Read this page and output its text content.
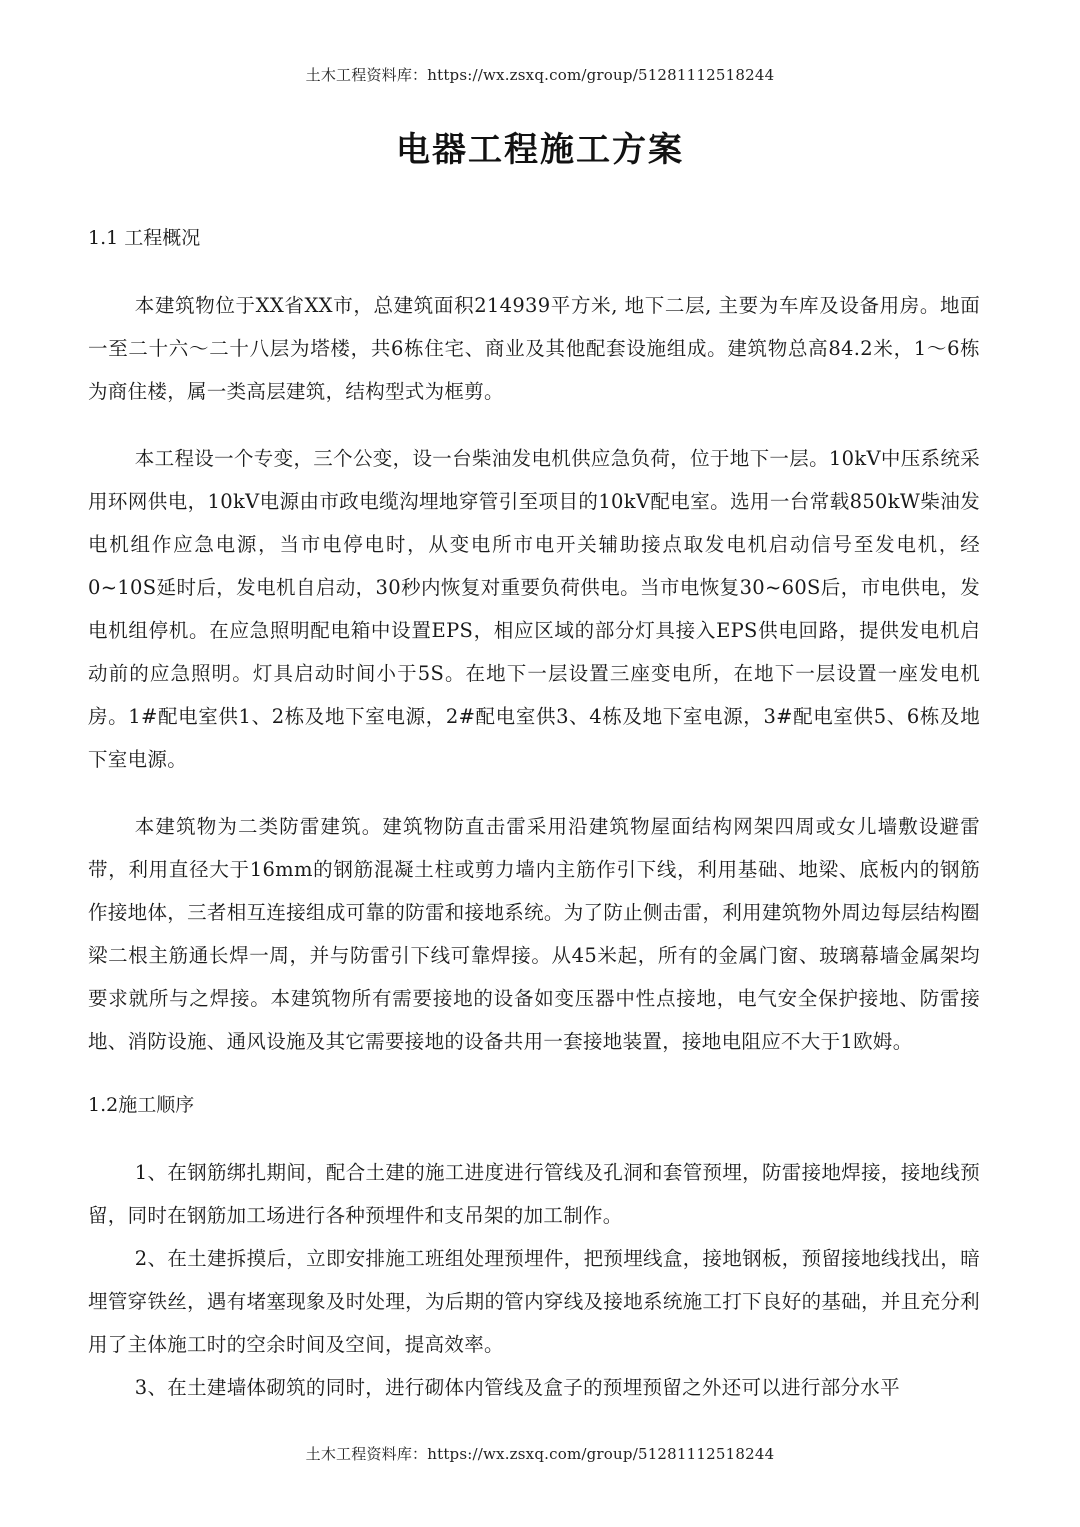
土木工程资料库：https://wx.zsxq.com/group/51281112518244
电器工程施工方案
1.1 工程概况

本建筑物位于XX省XX市，总建筑面积214939平方米, 地下二层, 主要为车库及设备用房。地面一至二十六～二十八层为塔楼，共6栋住宅、商业及其他配套设施组成。建筑物总高84.2米，1～6栋为商住楼，属一类高层建筑，结构型式为框剪。

本工程设一个专变，三个公变，设一台柴油发电机供应急负荷，位于地下一层。10kV中压系统采用环网供电，10kV电源由市政电缆沟埋地穿管引至项目的10kV配电室。选用一台常载850kW柴油发电机组作应急电源，当市电停电时，从变电所市电开关辅助接点取发电机启动信号至发电机，经0~10S延时后，发电机自启动，30秒内恢复对重要负荷供电。当市电恢复30~60S后，市电供电，发电机组停机。在应急照明配电箱中设置EPS，相应区域的部分灯具接入EPS供电回路，提供发电机启动前的应急照明。灯具启动时间小于5S。在地下一层设置三座变电所，在地下一层设置一座发电机房。1#配电室供1、2栋及地下室电源，2#配电室供3、4栋及地下室电源，3#配电室供5、6栋及地下室电源。

本建筑物为二类防雷建筑。建筑物防直击雷采用沿建筑物屋面结构网架四周或女儿墙敷设避雷带，利用直径大于16mm的钢筋混凝土柱或剪力墙内主筋作引下线，利用基础、地梁、底板内的钢筋作接地体，三者相互连接组成可靠的防雷和接地系统。为了防止侧击雷，利用建筑物外周边每层结构圈梁二根主筋通长焊一周，并与防雷引下线可靠焊接。从45米起，所有的金属门窗、玻璃幕墙金属架均要求就所与之焊接。本建筑物所有需要接地的设备如变压器中性点接地，电气安全保护接地、防雷接地、消防设施、通风设施及其它需要接地的设备共用一套接地装置，接地电阻应不大于1欧姆。

1.2施工顺序

1、在钢筋绑扎期间，配合土建的施工进度进行管线及孔洞和套管预埋，防雷接地焊接，接地线预留，同时在钢筋加工场进行各种预埋件和支吊架的加工制作。

2、在土建拆摸后，立即安排施工班组处理预埋件，把预埋线盒，接地钢板，预留接地线找出，暗埋管穿铁丝，遇有堵塞现象及时处理，为后期的管内穿线及接地系统施工打下良好的基础，并且充分利用了主体施工时的空余时间及空间，提高效率。

3、在土建墙体砌筑的同时，进行砌体内管线及盒子的预埋预留之外还可以进行部分水平

土木工程资料库：https://wx.zsxq.com/group/51281112518244
